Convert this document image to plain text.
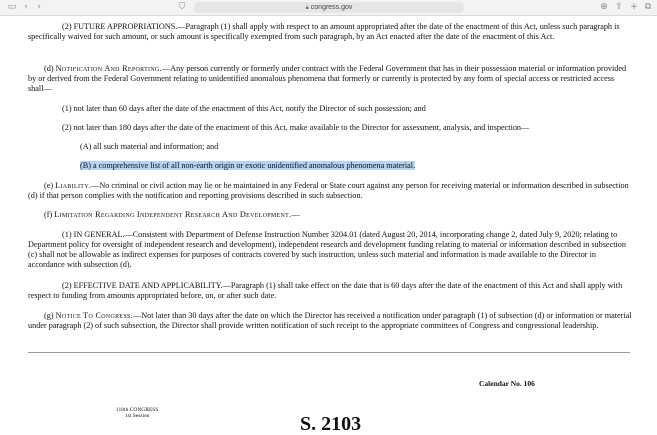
▭ ‹	›	⛉	🔒︎ congress.gov	⊕ ⇪ + ⧉

(2) FUTURE APPROPRIATIONS.—Paragraph (1) shall apply with respect to an amount appropriated after the date of the enactment of this Act, unless such paragraph is specifically waived for such amount, or such amount is specifically exempted from such paragraph, by an Act enacted after the date of the enactment of this Act.

(d) Notification And Reporting.—Any person currently or formerly under contract with the Federal Government that has in their possession material or information provided by or derived from the Federal Government relating to unidentified anomalous phenomena that formerly or currently is protected by any form of special access or restricted access shall—

(1) not later than 60 days after the date of the enactment of this Act, notify the Director of such possession; and

(2) not later than 180 days after the date of the enactment of this Act, make available to the Director for assessment, analysis, and inspection—

(A) all such material and information; and

(B) a comprehensive list of all non-earth origin or exotic unidentified anomalous phenomena material.

(e) Liability.—No criminal or civil action may lie or be maintained in any Federal or State court against any person for receiving material or information described in subsection (d) if that person complies with the notification and reporting provisions described in such subsection.

(f) Limitation Regarding Independent Research And Development.—

(1) IN GENERAL.—Consistent with Department of Defense Instruction Number 3204.01 (dated August 20, 2014, incorporating change 2, dated July 9, 2020; relating to Department policy for oversight of independent research and development), independent research and development funding relating to material or information described in subsection (c) shall not be allowable as indirect expenses for purposes of contracts covered by such instruction, unless such material and information is made available to the Director in accordance with subsection (d).

(2) EFFECTIVE DATE AND APPLICABILITY.—Paragraph (1) shall take effect on the date that is 60 days after the date of the enactment of this Act and shall apply with respect to funding from amounts appropriated before, on, or after such date.

(g) Notice To Congress.—Not later than 30 days after the date on which the Director has received a notification under paragraph (1) of subsection (d) or information or material under paragraph (2) of such subsection, the Director shall provide written notification of such receipt to the appropriate committees of Congress and congressional leadership.

Calendar No. 106
118th CONGRESS
1st Session	S. 2103
